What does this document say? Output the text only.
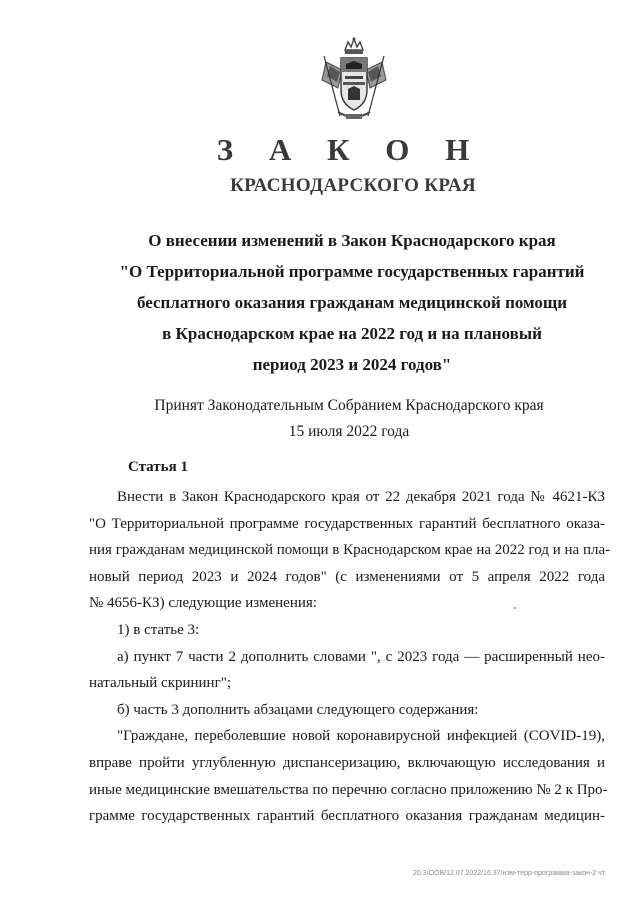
З А К О Н
КРАСНОДАРСКОГО КРАЯ
О внесении изменений в Закон Краснодарского края
"О Территориальной программе государственных гарантий
бесплатного оказания гражданам медицинской помощи
в Краснодарском крае на 2022 год и на плановый
период 2023 и 2024 годов"
Принят Законодательным Собранием Краснодарского края
15 июля 2022 года
Статья 1
Внести в Закон Краснодарского края от 22 декабря 2021 года № 4621-КЗ
"О Территориальной программе государственных гарантий бесплатного оказа-
ния гражданам медицинской помощи в Краснодарском крае на 2022 год и на пла-
новый период 2023 и 2024 годов" (с изменениями от 5 апреля 2022 года
№ 4656-КЗ) следующие изменения:
1) в статье 3:
а) пункт 7 части 2 дополнить словами ", с 2023 года — расширенный нео-
натальный скрининг";
б) часть 3 дополнить абзацами следующего содержания:
"Граждане, переболевшие новой коронавирусной инфекцией (COVID-19),
вправе пройти углубленную диспансеризацию, включающую исследования и
иные медицинские вмешательства по перечню согласно приложению № 2 к Про-
грамме государственных гарантий бесплатного оказания гражданам медицин-
20.3/ООВ/12.07.2022/16.37/нэм-терр-программа-закон-2 чт
